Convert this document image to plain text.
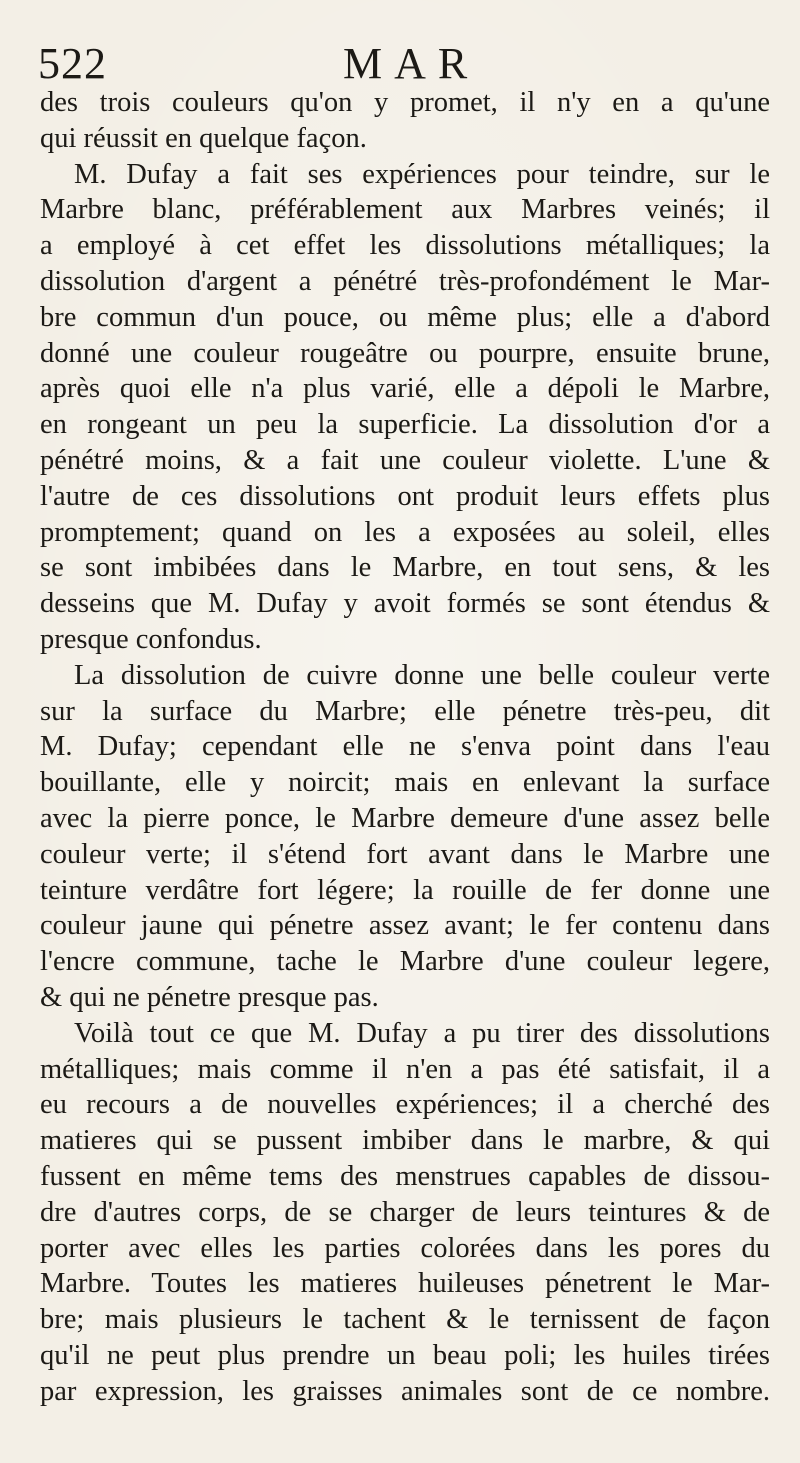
522	MAR
des trois couleurs qu'on y promet, il n'y en a qu'une
qui réussit en quelque façon.
M. Dufay a fait ses expériences pour teindre, sur le
Marbre blanc, préférablement aux Marbres veinés; il
a employé à cet effet les dissolutions métalliques; la
dissolution d'argent a pénétré très-profondément le Mar-
bre commun d'un pouce, ou même plus; elle a d'abord
donné une couleur rougeâtre ou pourpre, ensuite brune,
après quoi elle n'a plus varié, elle a dépoli le Marbre,
en rongeant un peu la superficie. La dissolution d'or a
pénétré moins, & a fait une couleur violette. L'une &
l'autre de ces dissolutions ont produit leurs effets plus
promptement; quand on les a exposées au soleil, elles
se sont imbibées dans le Marbre, en tout sens, & les
desseins que M. Dufay y avoit formés se sont étendus &
presque confondus.
La dissolution de cuivre donne une belle couleur verte
sur la surface du Marbre; elle pénetre très-peu, dit
M. Dufay; cependant elle ne s'enva point dans l'eau
bouillante, elle y noircit; mais en enlevant la surface
avec la pierre ponce, le Marbre demeure d'une assez belle
couleur verte; il s'étend fort avant dans le Marbre une
teinture verdâtre fort légere; la rouille de fer donne une
couleur jaune qui pénetre assez avant; le fer contenu dans
l'encre commune, tache le Marbre d'une couleur legere,
& qui ne pénetre presque pas.
Voilà tout ce que M. Dufay a pu tirer des dissolutions
métalliques; mais comme il n'en a pas été satisfait, il a
eu recours a de nouvelles expériences; il a cherché des
matieres qui se pussent imbiber dans le marbre, & qui
fussent en même tems des menstrues capables de dissou-
dre d'autres corps, de se charger de leurs teintures & de
porter avec elles les parties colorées dans les pores du
Marbre. Toutes les matieres huileuses pénetrent le Mar-
bre; mais plusieurs le tachent & le ternissent de façon
qu'il ne peut plus prendre un beau poli; les huiles tirées
par expression, les graisses animales sont de ce nombre.
